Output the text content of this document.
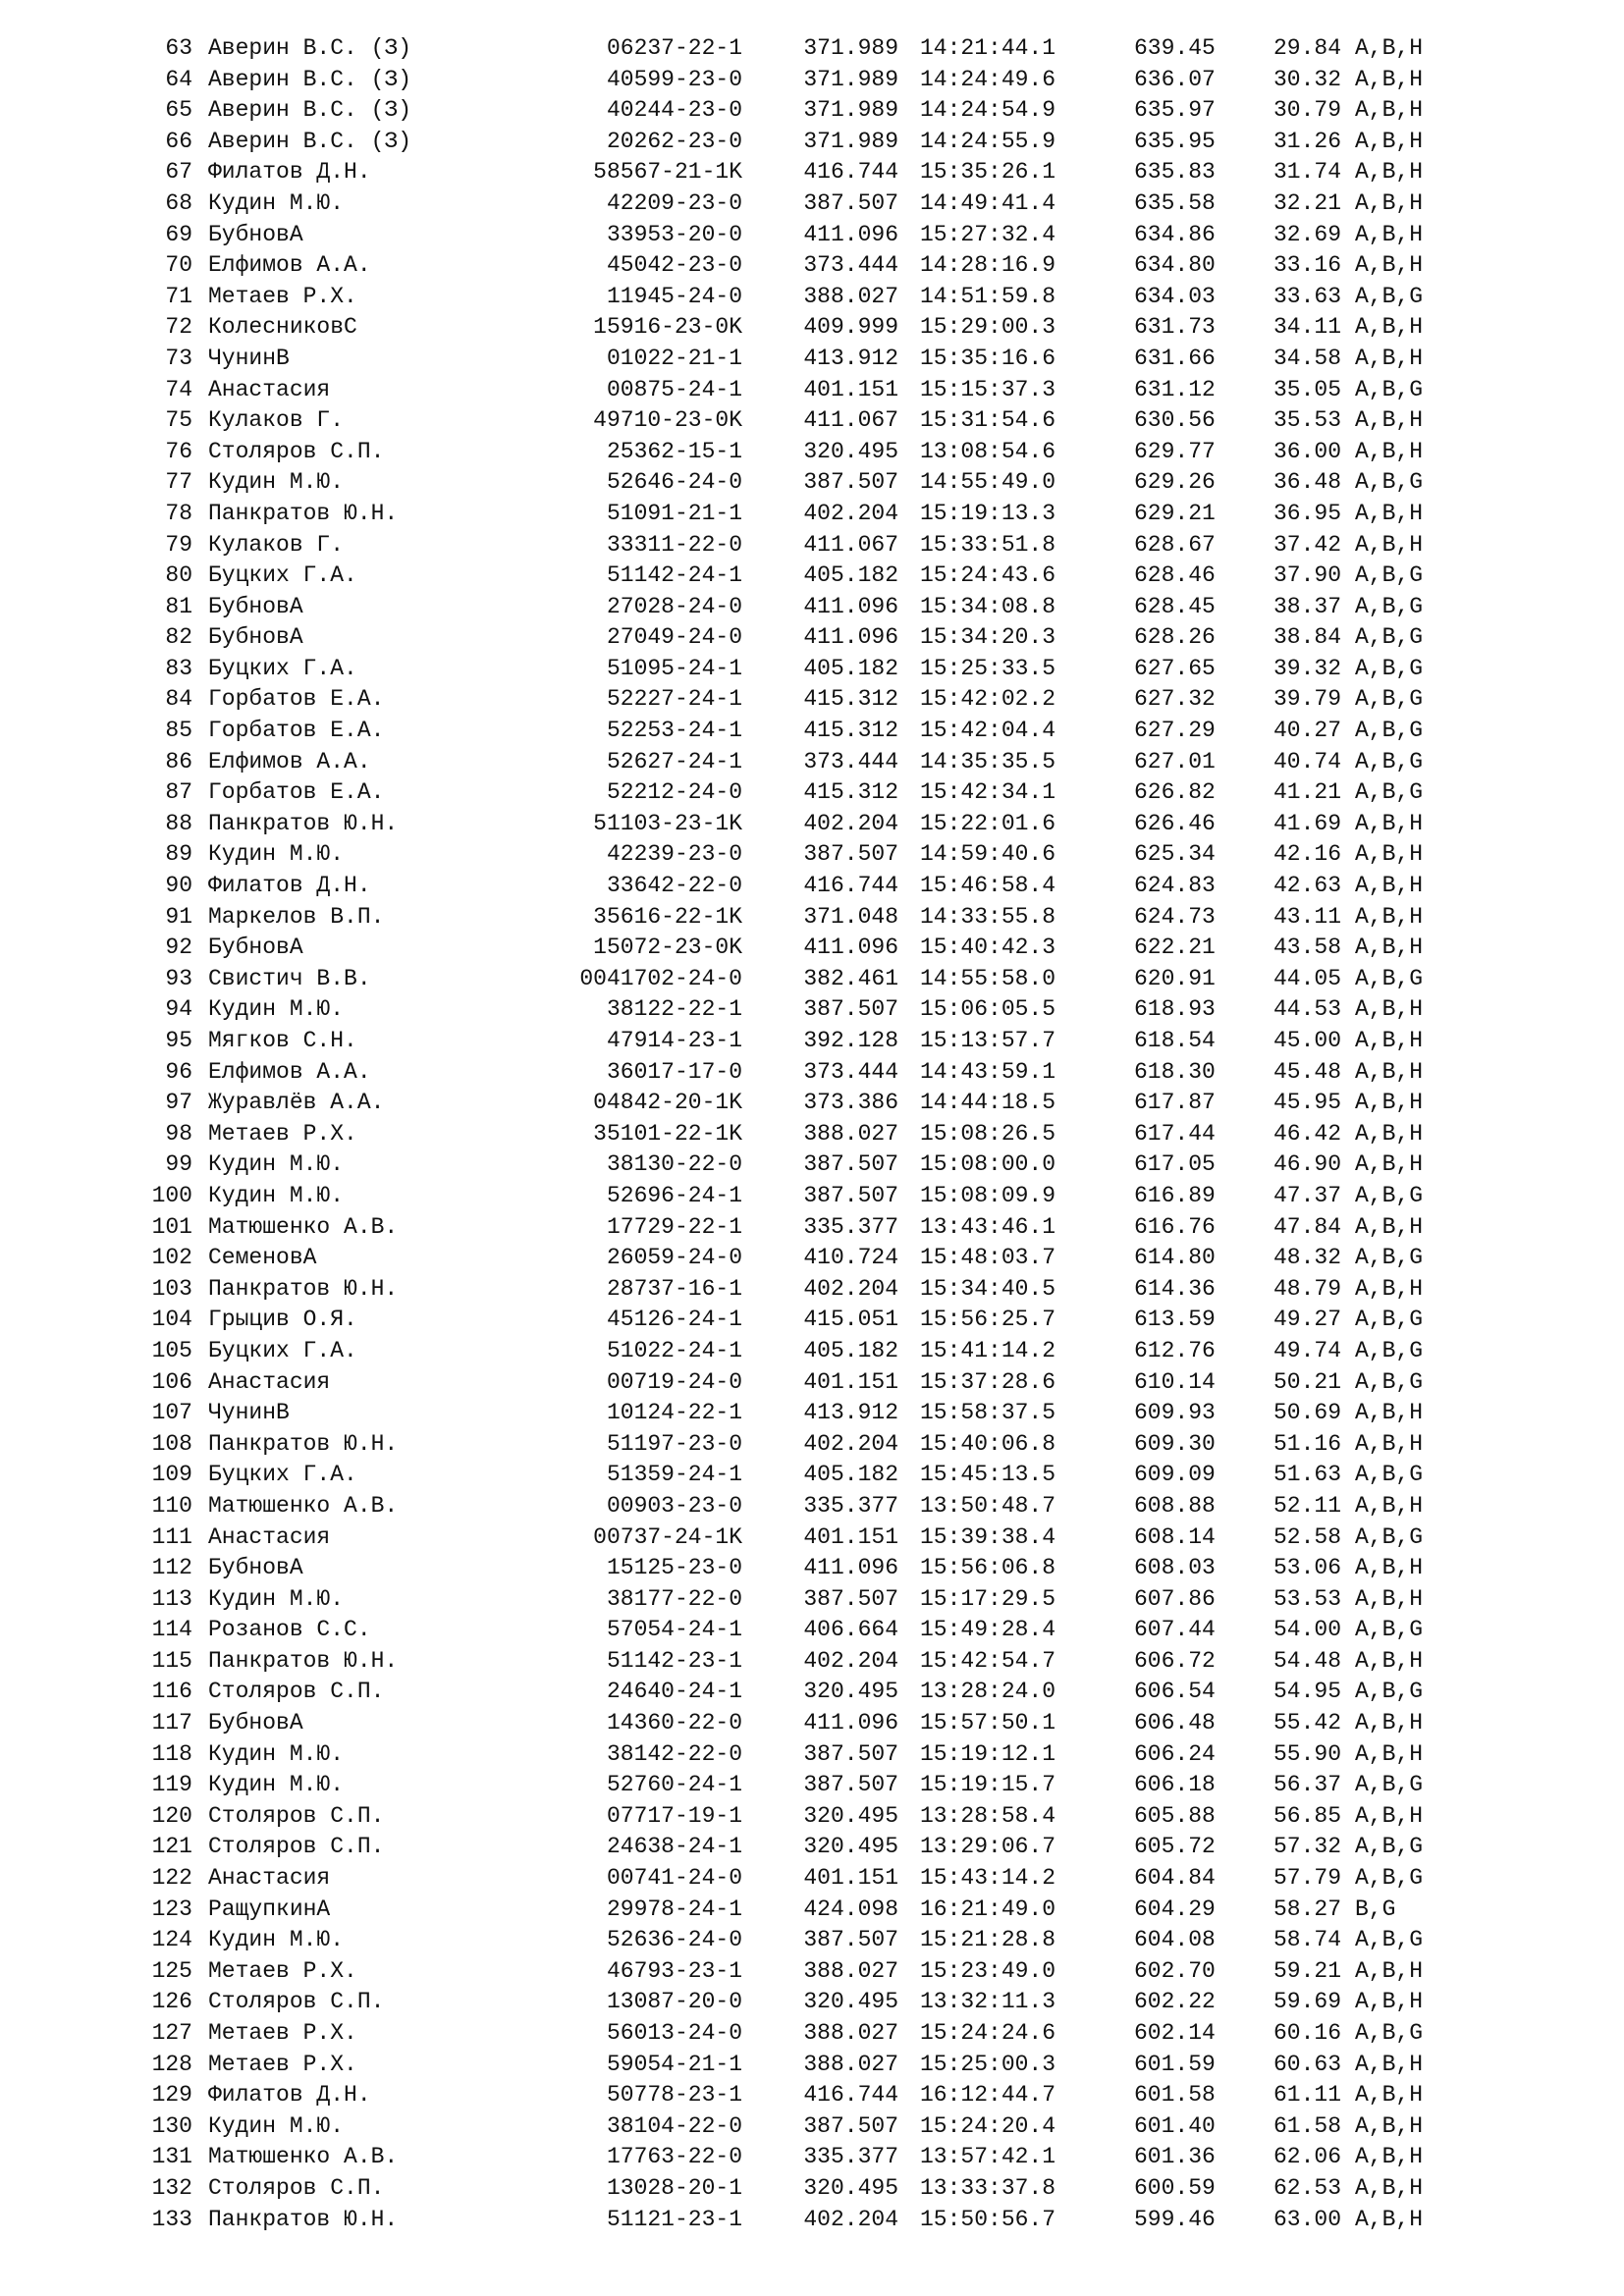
63 Аверин В.С. (З)	06237-22-1	371.989 14:21:44.1	639.45	29.84 A,B,H
64 Аверин В.С. (З)	40599-23-0	371.989 14:24:49.6	636.07	30.32 A,B,H
65 Аверин В.С. (З)	40244-23-0	371.989 14:24:54.9	635.97	30.79 A,B,H
66 Аверин В.С. (З)	20262-23-0	371.989 14:24:55.9	635.95	31.26 A,B,H
67 Филатов Д.Н.	58567-21-1K	416.744 15:35:26.1	635.83	31.74 A,B,H
68 Кудин М.Ю.	42209-23-0	387.507 14:49:41.4	635.58	32.21 A,B,H
69 БубновА	33953-20-0	411.096 15:27:32.4	634.86	32.69 A,B,H
70 Елфимов А.А.	45042-23-0	373.444 14:28:16.9	634.80	33.16 A,B,H
71 Метаев Р.Х.	11945-24-0	388.027 14:51:59.8	634.03	33.63 A,B,G
72 КолесниковС	15916-23-0K	409.999 15:29:00.3	631.73	34.11 A,B,H
73 ЧунинВ	01022-21-1	413.912 15:35:16.6	631.66	34.58 A,B,H
74 Анастасия	00875-24-1	401.151 15:15:37.3	631.12	35.05 A,B,G
75 Кулаков Г.	49710-23-0K	411.067 15:31:54.6	630.56	35.53 A,B,H
76 Столяров С.П.	25362-15-1	320.495 13:08:54.6	629.77	36.00 A,B,H
77 Кудин М.Ю.	52646-24-0	387.507 14:55:49.0	629.26	36.48 A,B,G
78 Панкратов Ю.Н.	51091-21-1	402.204 15:19:13.3	629.21	36.95 A,B,H
79 Кулаков Г.	33311-22-0	411.067 15:33:51.8	628.67	37.42 A,B,H
80 Буцких Г.А.	51142-24-1	405.182 15:24:43.6	628.46	37.90 A,B,G
81 БубновА	27028-24-0	411.096 15:34:08.8	628.45	38.37 A,B,G
82 БубновА	27049-24-0	411.096 15:34:20.3	628.26	38.84 A,B,G
83 Буцких Г.А.	51095-24-1	405.182 15:25:33.5	627.65	39.32 A,B,G
84 Горбатов Е.А.	52227-24-1	415.312 15:42:02.2	627.32	39.79 A,B,G
85 Горбатов Е.А.	52253-24-1	415.312 15:42:04.4	627.29	40.27 A,B,G
86 Елфимов А.А.	52627-24-1	373.444 14:35:35.5	627.01	40.74 A,B,G
87 Горбатов Е.А.	52212-24-0	415.312 15:42:34.1	626.82	41.21 A,B,G
88 Панкратов Ю.Н.	51103-23-1K	402.204 15:22:01.6	626.46	41.69 A,B,H
89 Кудин М.Ю.	42239-23-0	387.507 14:59:40.6	625.34	42.16 A,B,H
90 Филатов Д.Н.	33642-22-0	416.744 15:46:58.4	624.83	42.63 A,B,H
91 Маркелов В.П.	35616-22-1K	371.048 14:33:55.8	624.73	43.11 A,B,H
92 БубновА	15072-23-0K	411.096 15:40:42.3	622.21	43.58 A,B,H
93 Свистич В.В.	0041702-24-0	382.461 14:55:58.0	620.91	44.05 A,B,G
94 Кудин М.Ю.	38122-22-1	387.507 15:06:05.5	618.93	44.53 A,B,H
95 Мягков С.Н.	47914-23-1	392.128 15:13:57.7	618.54	45.00 A,B,H
96 Елфимов А.А.	36017-17-0	373.444 14:43:59.1	618.30	45.48 A,B,H
97 Журавлёв А.А.	04842-20-1K	373.386 14:44:18.5	617.87	45.95 A,B,H
98 Метаев Р.Х.	35101-22-1K	388.027 15:08:26.5	617.44	46.42 A,B,H
99 Кудин М.Ю.	38130-22-0	387.507 15:08:00.0	617.05	46.90 A,B,H
100 Кудин М.Ю.	52696-24-1	387.507 15:08:09.9	616.89	47.37 A,B,G
101 Матюшенко А.В.	17729-22-1	335.377 13:43:46.1	616.76	47.84 A,B,H
102 СеменовА	26059-24-0	410.724 15:48:03.7	614.80	48.32 A,B,G
103 Панкратов Ю.Н.	28737-16-1	402.204 15:34:40.5	614.36	48.79 A,B,H
104 Грыцив О.Я.	45126-24-1	415.051 15:56:25.7	613.59	49.27 A,B,G
105 Буцких Г.А.	51022-24-1	405.182 15:41:14.2	612.76	49.74 A,B,G
106 Анастасия	00719-24-0	401.151 15:37:28.6	610.14	50.21 A,B,G
107 ЧунинВ	10124-22-1	413.912 15:58:37.5	609.93	50.69 A,B,H
108 Панкратов Ю.Н.	51197-23-0	402.204 15:40:06.8	609.30	51.16 A,B,H
109 Буцких Г.А.	51359-24-1	405.182 15:45:13.5	609.09	51.63 A,B,G
110 Матюшенко А.В.	00903-23-0	335.377 13:50:48.7	608.88	52.11 A,B,H
111 Анастасия	00737-24-1K	401.151 15:39:38.4	608.14	52.58 A,B,G
112 БубновА	15125-23-0	411.096 15:56:06.8	608.03	53.06 A,B,H
113 Кудин М.Ю.	38177-22-0	387.507 15:17:29.5	607.86	53.53 A,B,H
114 Розанов С.С.	57054-24-1	406.664 15:49:28.4	607.44	54.00 A,B,G
115 Панкратов Ю.Н.	51142-23-1	402.204 15:42:54.7	606.72	54.48 A,B,H
116 Столяров С.П.	24640-24-1	320.495 13:28:24.0	606.54	54.95 A,B,G
117 БубновА	14360-22-0	411.096 15:57:50.1	606.48	55.42 A,B,H
118 Кудин М.Ю.	38142-22-0	387.507 15:19:12.1	606.24	55.90 A,B,H
119 Кудин М.Ю.	52760-24-1	387.507 15:19:15.7	606.18	56.37 A,B,G
120 Столяров С.П.	07717-19-1	320.495 13:28:58.4	605.88	56.85 A,B,H
121 Столяров С.П.	24638-24-1	320.495 13:29:06.7	605.72	57.32 A,B,G
122 Анастасия	00741-24-0	401.151 15:43:14.2	604.84	57.79 A,B,G
123 РащупкинА	29978-24-1	424.098 16:21:49.0	604.29	58.27 B,G
124 Кудин М.Ю.	52636-24-0	387.507 15:21:28.8	604.08	58.74 A,B,G
125 Метаев Р.Х.	46793-23-1	388.027 15:23:49.0	602.70	59.21 A,B,H
126 Столяров С.П.	13087-20-0	320.495 13:32:11.3	602.22	59.69 A,B,H
127 Метаев Р.Х.	56013-24-0	388.027 15:24:24.6	602.14	60.16 A,B,G
128 Метаев Р.Х.	59054-21-1	388.027 15:25:00.3	601.59	60.63 A,B,H
129 Филатов Д.Н.	50778-23-1	416.744 16:12:44.7	601.58	61.11 A,B,H
130 Кудин М.Ю.	38104-22-0	387.507 15:24:20.4	601.40	61.58 A,B,H
131 Матюшенко А.В.	17763-22-0	335.377 13:57:42.1	601.36	62.06 A,B,H
132 Столяров С.П.	13028-20-1	320.495 13:33:37.8	600.59	62.53 A,B,H
133 Панкратов Ю.Н.	51121-23-1	402.204 15:50:56.7	599.46	63.00 A,B,H
